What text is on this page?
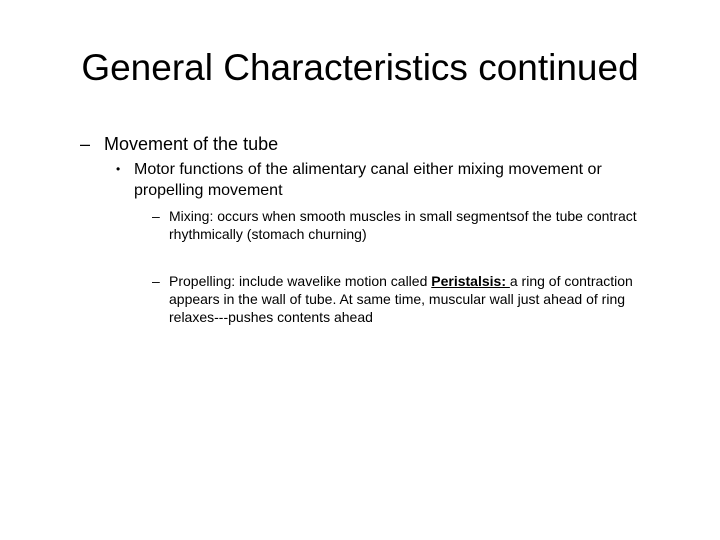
General Characteristics continued
– Movement of the tube
• Motor functions of the alimentary canal either mixing movement or propelling movement
– Mixing: occurs when smooth muscles in small segmentsof the tube contract rhythmically (stomach churning)
– Propelling: include wavelike motion called Peristalsis: a ring of contraction appears in the wall of tube. At same time, muscular wall just ahead of ring relaxes---pushes contents ahead
